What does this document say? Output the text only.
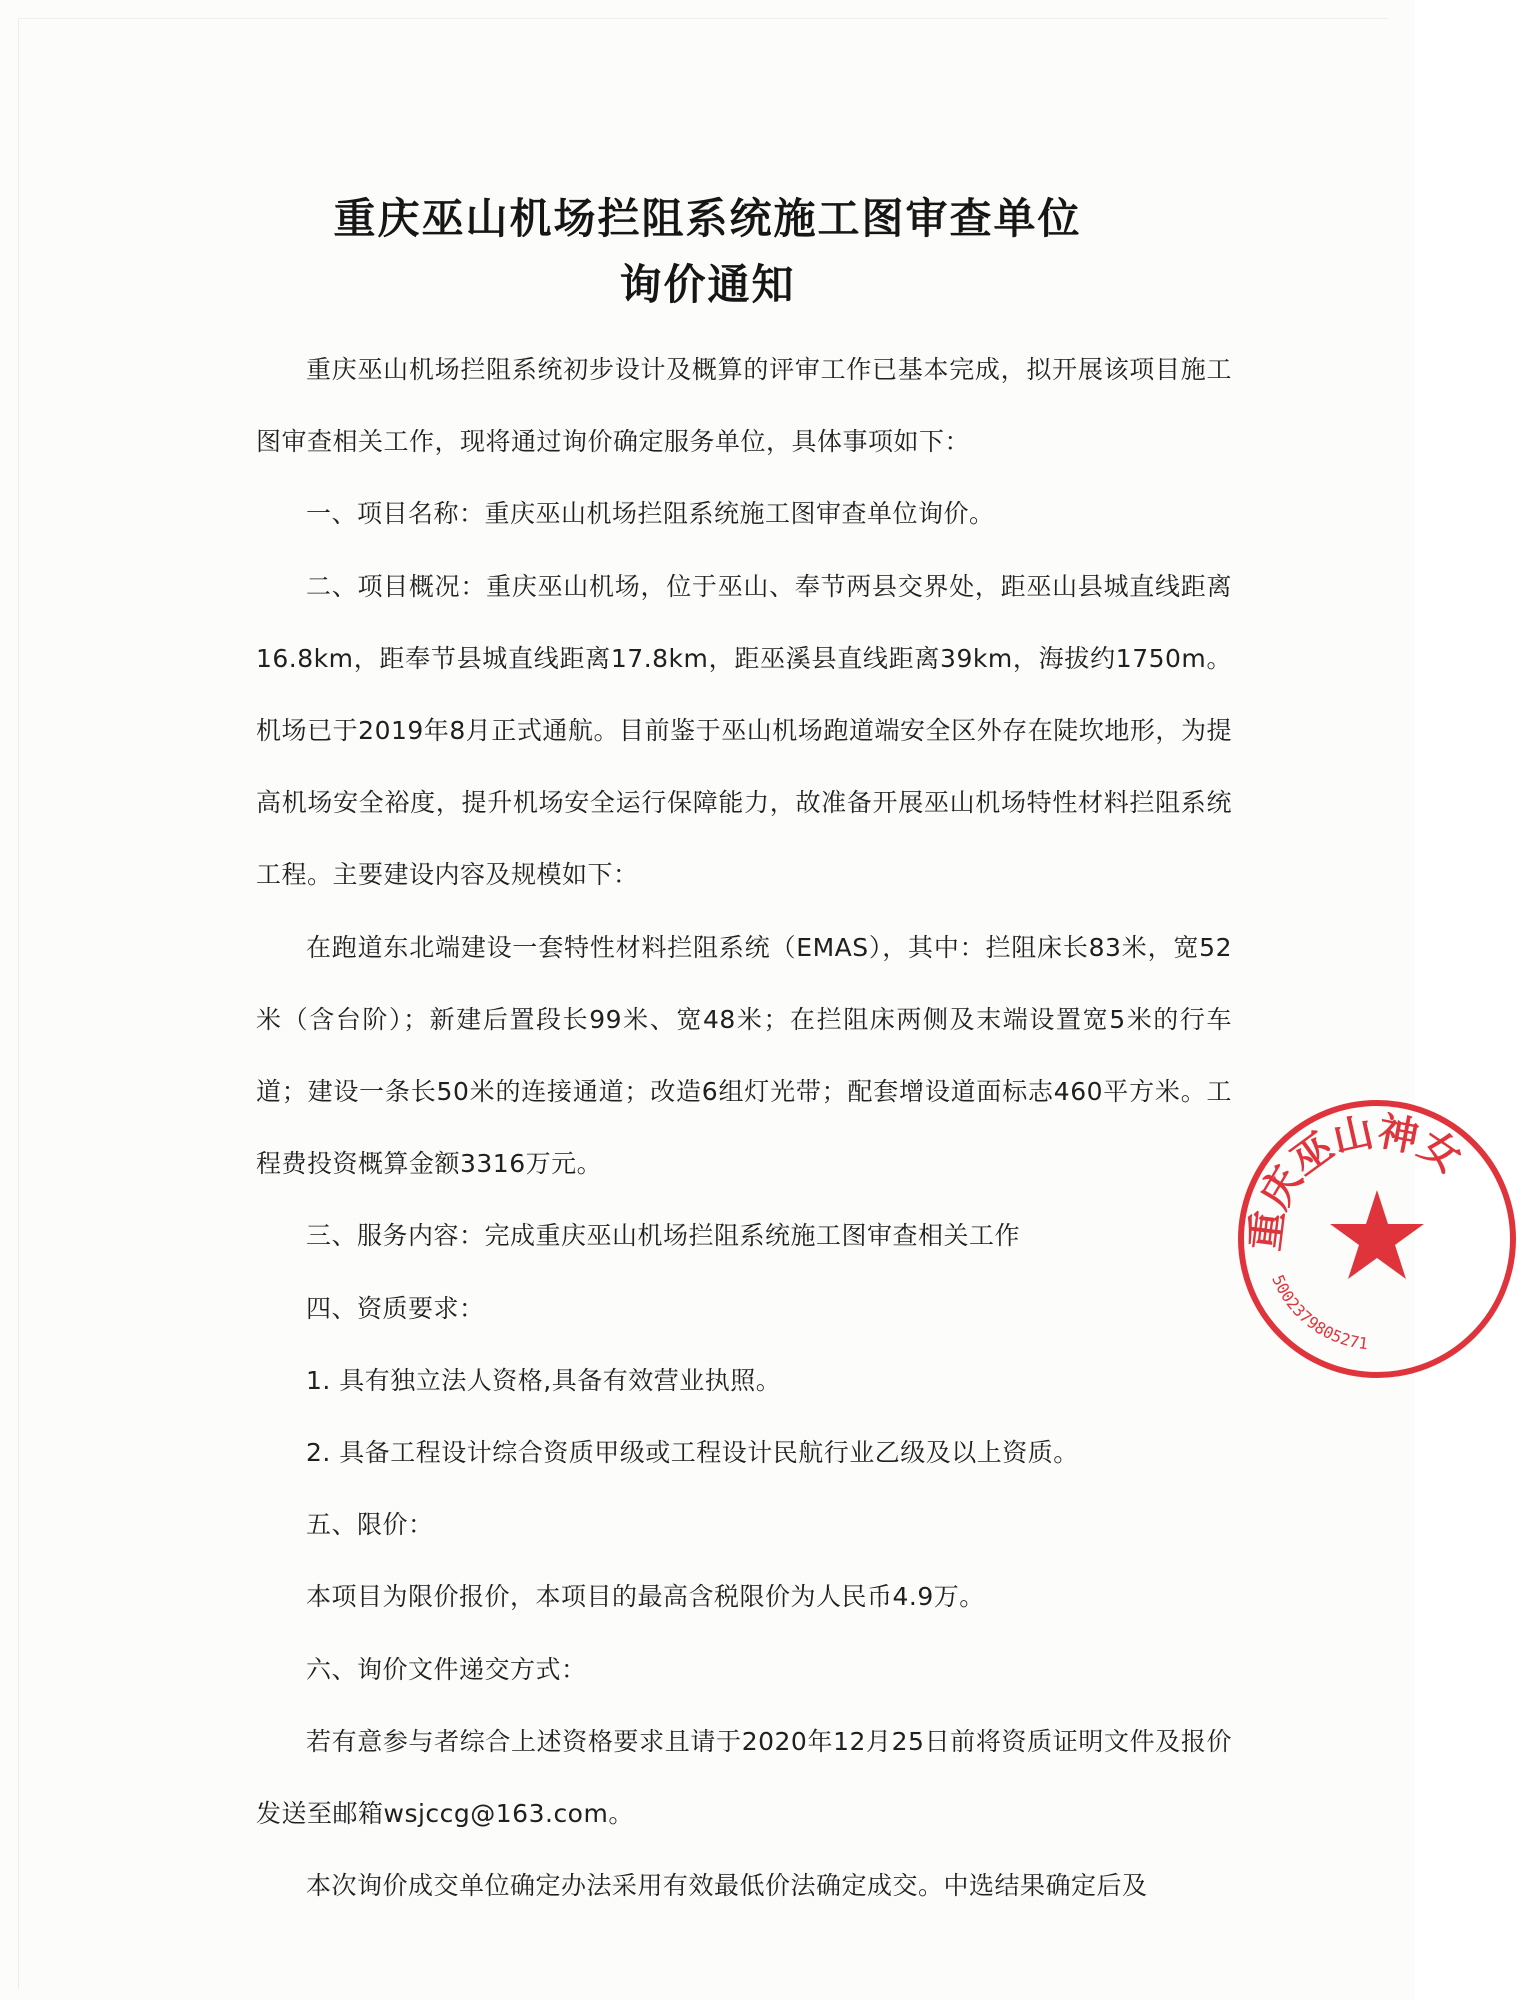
重庆巫山机场拦阻系统施工图审查单位
询价通知

重庆巫山机场拦阻系统初步设计及概算的评审工作已基本完成，拟开展该项目施工图审查相关工作，现将通过询价确定服务单位，具体事项如下：

一、项目名称：重庆巫山机场拦阻系统施工图审查单位询价。

二、项目概况：重庆巫山机场，位于巫山、奉节两县交界处，距巫山县城直线距离16.8km，距奉节县城直线距离17.8km，距巫溪县直线距离39km，海拔约1750m。机场已于2019年8月正式通航。目前鉴于巫山机场跑道端安全区外存在陡坎地形，为提高机场安全裕度，提升机场安全运行保障能力，故准备开展巫山机场特性材料拦阻系统工程。主要建设内容及规模如下：

在跑道东北端建设一套特性材料拦阻系统（EMAS），其中：拦阻床长83米，宽52米（含台阶）；新建后置段长99米、宽48米；在拦阻床两侧及末端设置宽5米的行车道；建设一条长50米的连接通道；改造6组灯光带；配套增设道面标志460平方米。工程费投资概算金额3316万元。

三、服务内容：完成重庆巫山机场拦阻系统施工图审查相关工作

四、资质要求：

1. 具有独立法人资格,具备有效营业执照。

2. 具备工程设计综合资质甲级或工程设计民航行业乙级及以上资质。

五、限价：

本项目为限价报价，本项目的最高含税限价为人民币4.9万。

六、询价文件递交方式：

若有意参与者综合上述资格要求且请于2020年12月25日前将资质证明文件及报价发送至邮箱wsjccg@163.com。

本次询价成交单位确定办法采用有效最低价法确定成交。中选结果确定后及

重庆巫山神女
5002379805271
